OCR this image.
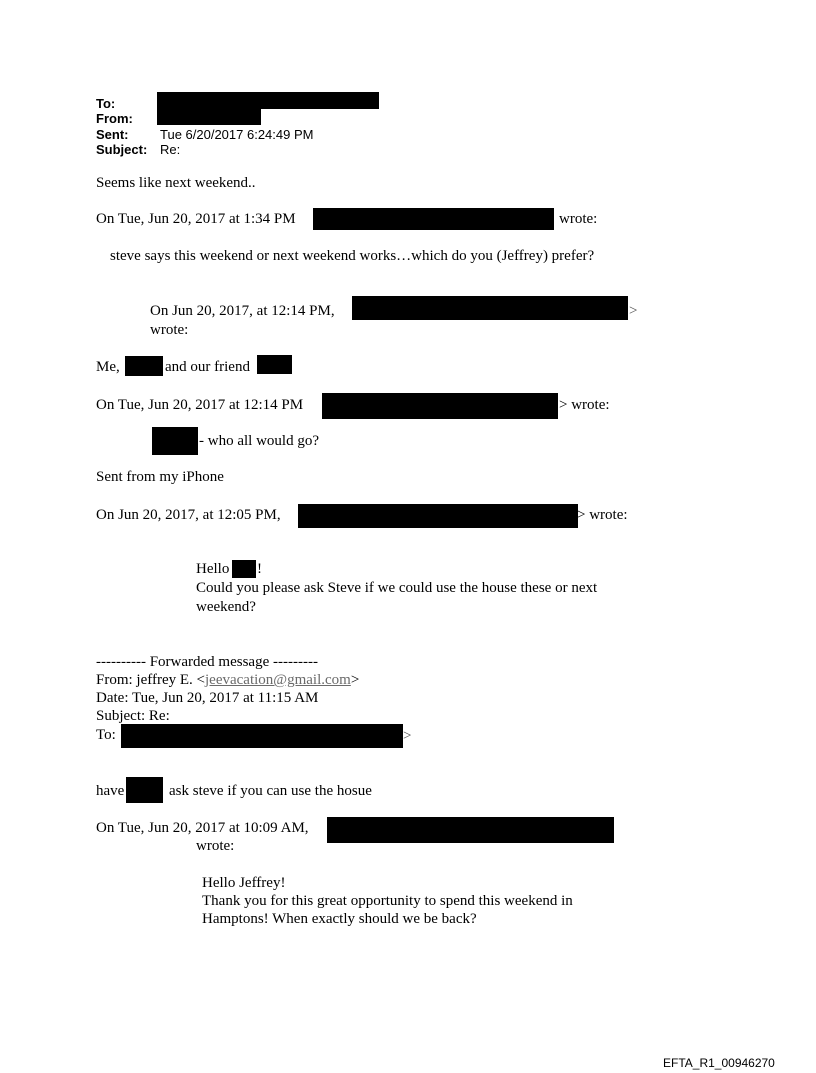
To:
From:
Sent: Tue 6/20/2017 6:24:49 PM
Subject: Re:
Seems like next weekend..
On Tue, Jun 20, 2017 at 1:34 PM	wrote:
steve says this weekend or next weekend works…which do you (Jeffrey) prefer?
On Jun 20, 2017, at 12:14 PM,	>
wrote:
Me,	and our friend
On Tue, Jun 20, 2017 at 12:14 PM	> wrote:
- who all would go?
Sent from my iPhone
On Jun 20, 2017, at 12:05 PM,	> wrote:
Hello !
Could you please ask Steve if we could use the house these or next
weekend?
---------- Forwarded message ---------
From: jeffrey E. <jeevacation@gmail.com>
Date: Tue, Jun 20, 2017 at 11:15 AM
Subject: Re:
To:	>
have	ask steve if you can use the hosue
On Tue, Jun 20, 2017 at 10:09 AM,
wrote:
Hello Jeffrey!
Thank you for this great opportunity to spend this weekend in
Hamptons! When exactly should we be back?
EFTA_R1_00946270
